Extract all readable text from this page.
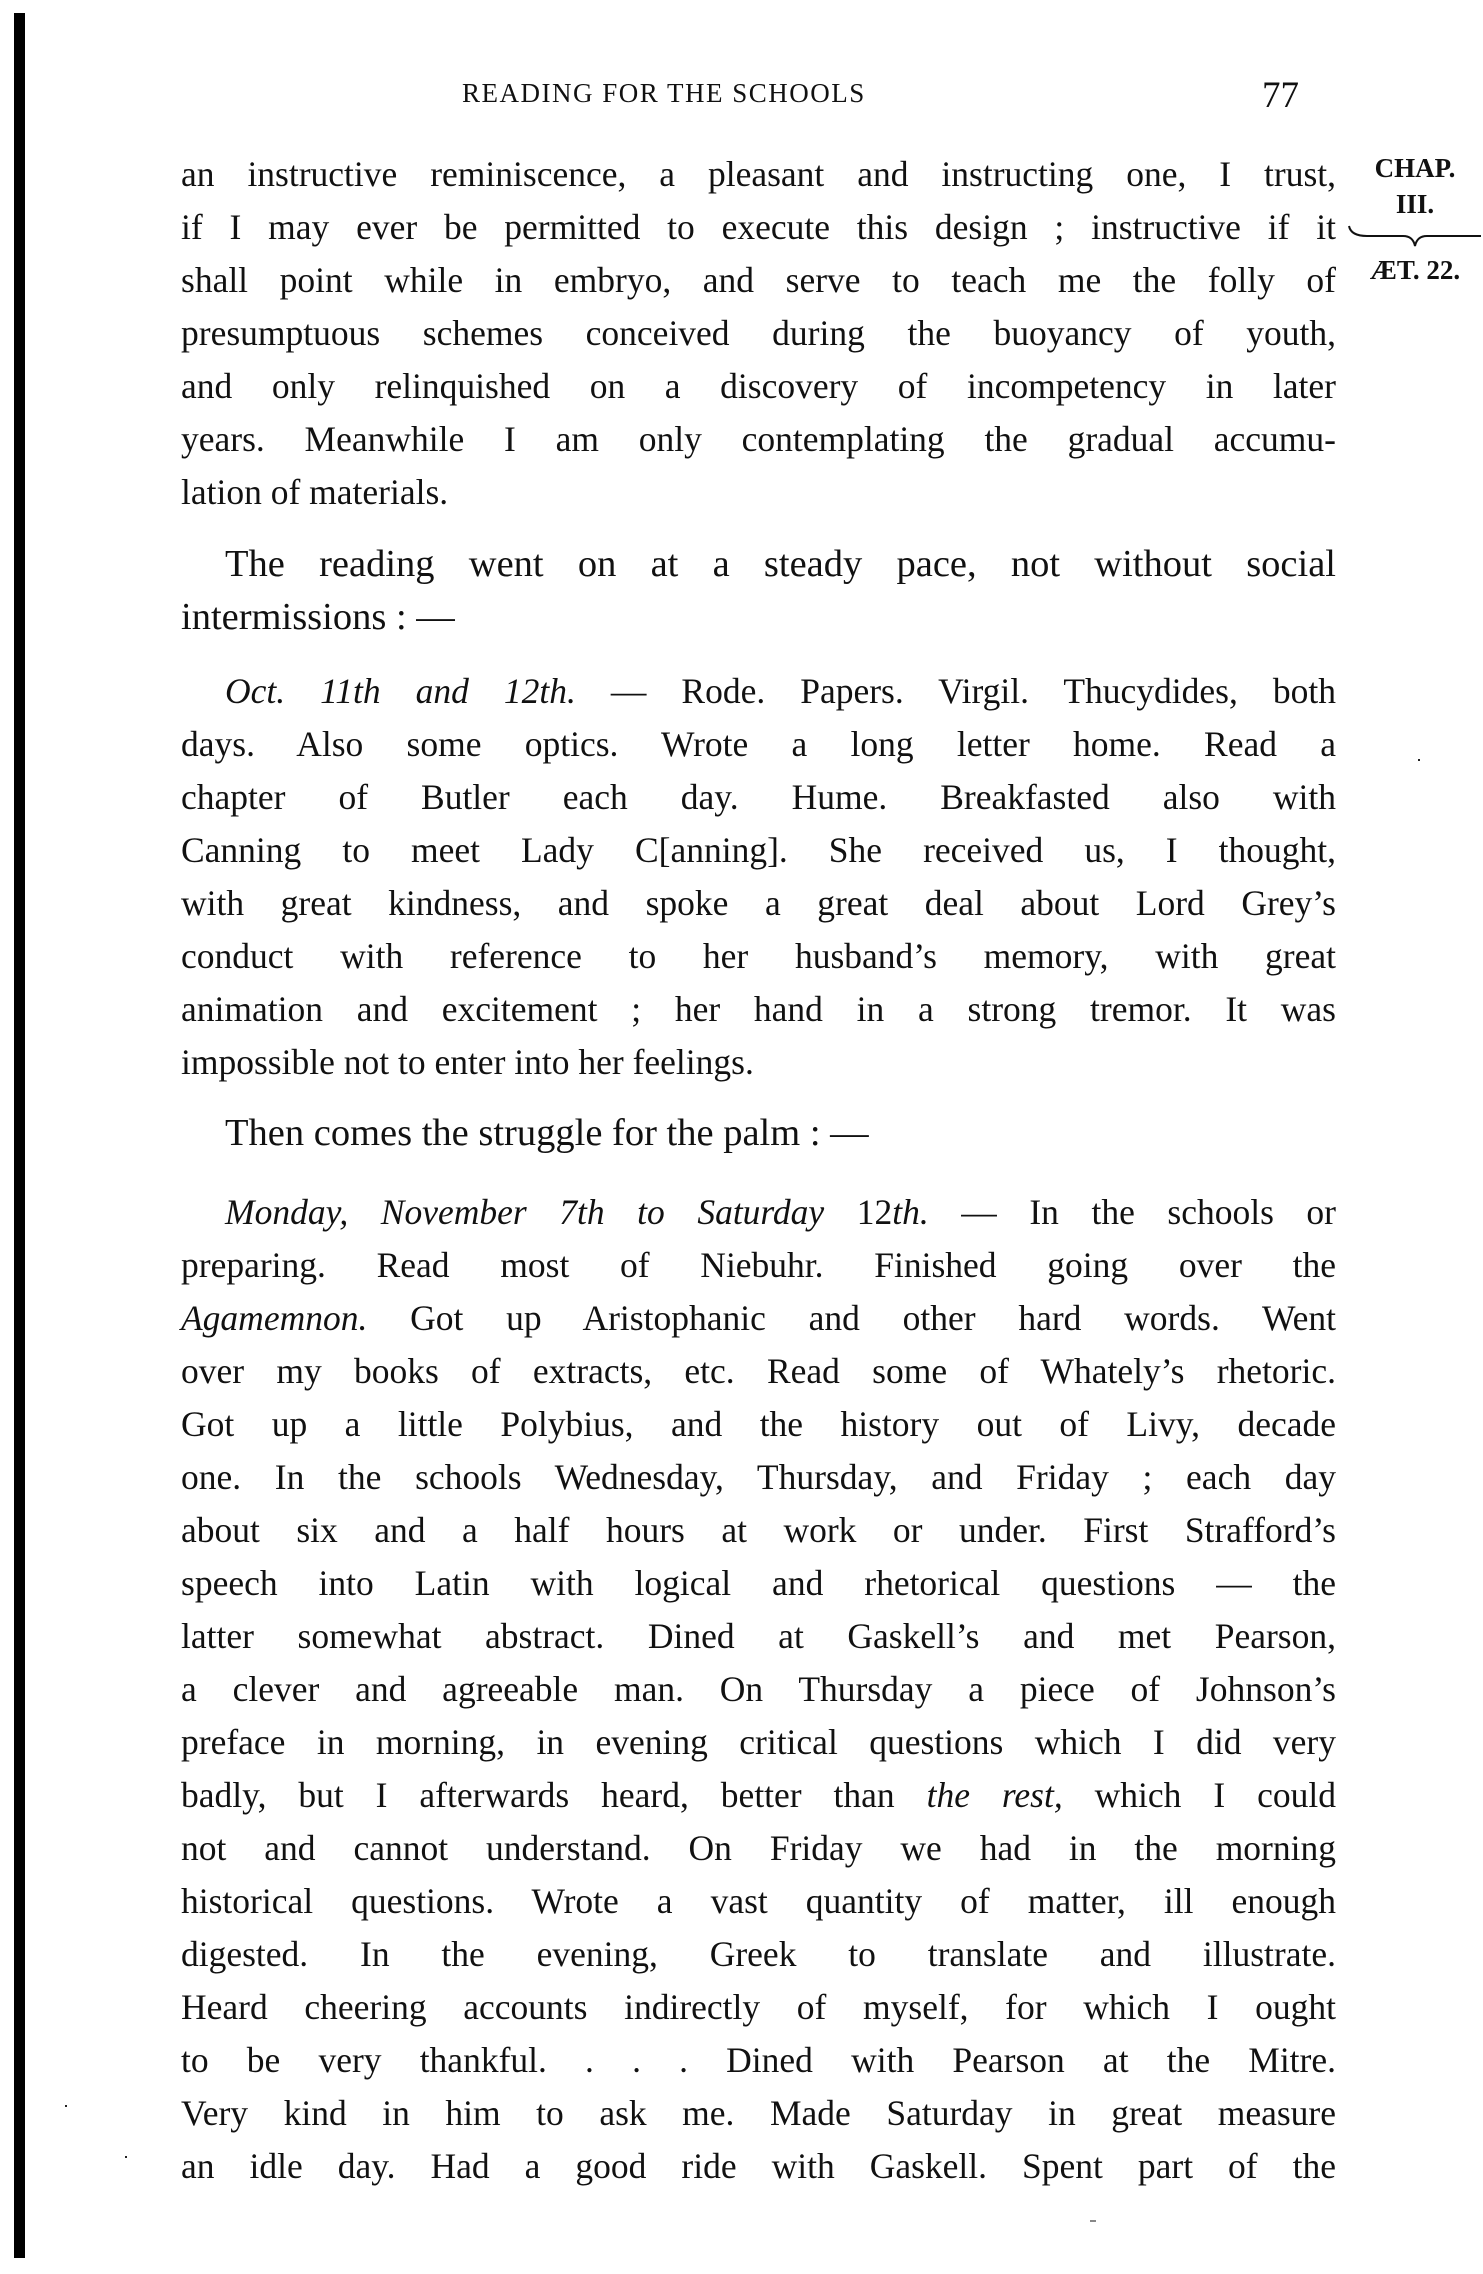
READING FOR THE SCHOOLS	77
CHAP.
III.
ÆT. 22.
an instructive reminiscence, a pleasant and instructing one, I trust,
if I may ever be permitted to execute this design ; instructive if it
shall point while in embryo, and serve to teach me the folly of
presumptuous schemes conceived during the buoyancy of youth,
and only relinquished on a discovery of incompetency in later
years. Meanwhile I am only contemplating the gradual accumu-
lation of materials.
The reading went on at a steady pace, not without social
intermissions : —
Oct. 11th and 12th. — Rode. Papers. Virgil. Thucydides, both
days. Also some optics. Wrote a long letter home. Read a
chapter of Butler each day. Hume. Breakfasted also with
Canning to meet Lady C[anning]. She received us, I thought,
with great kindness, and spoke a great deal about Lord Grey’s
conduct with reference to her husband’s memory, with great
animation and excitement ; her hand in a strong tremor. It was
impossible not to enter into her feelings.
Then comes the struggle for the palm : —
Monday, November 7th to Saturday 12th. — In the schools or
preparing. Read most of Niebuhr. Finished going over the
Agamemnon. Got up Aristophanic and other hard words. Went
over my books of extracts, etc. Read some of Whately’s rhetoric.
Got up a little Polybius, and the history out of Livy, decade
one. In the schools Wednesday, Thursday, and Friday ; each day
about six and a half hours at work or under. First Strafford’s
speech into Latin with logical and rhetorical questions — the
latter somewhat abstract. Dined at Gaskell’s and met Pearson,
a clever and agreeable man. On Thursday a piece of Johnson’s
preface in morning, in evening critical questions which I did very
badly, but I afterwards heard, better than the rest, which I could
not and cannot understand. On Friday we had in the morning
historical questions. Wrote a vast quantity of matter, ill enough
digested. In the evening, Greek to translate and illustrate.
Heard cheering accounts indirectly of myself, for which I ought
to be very thankful. . . . Dined with Pearson at the Mitre.
Very kind in him to ask me. Made Saturday in great measure
an idle day. Had a good ride with Gaskell. Spent part of the
